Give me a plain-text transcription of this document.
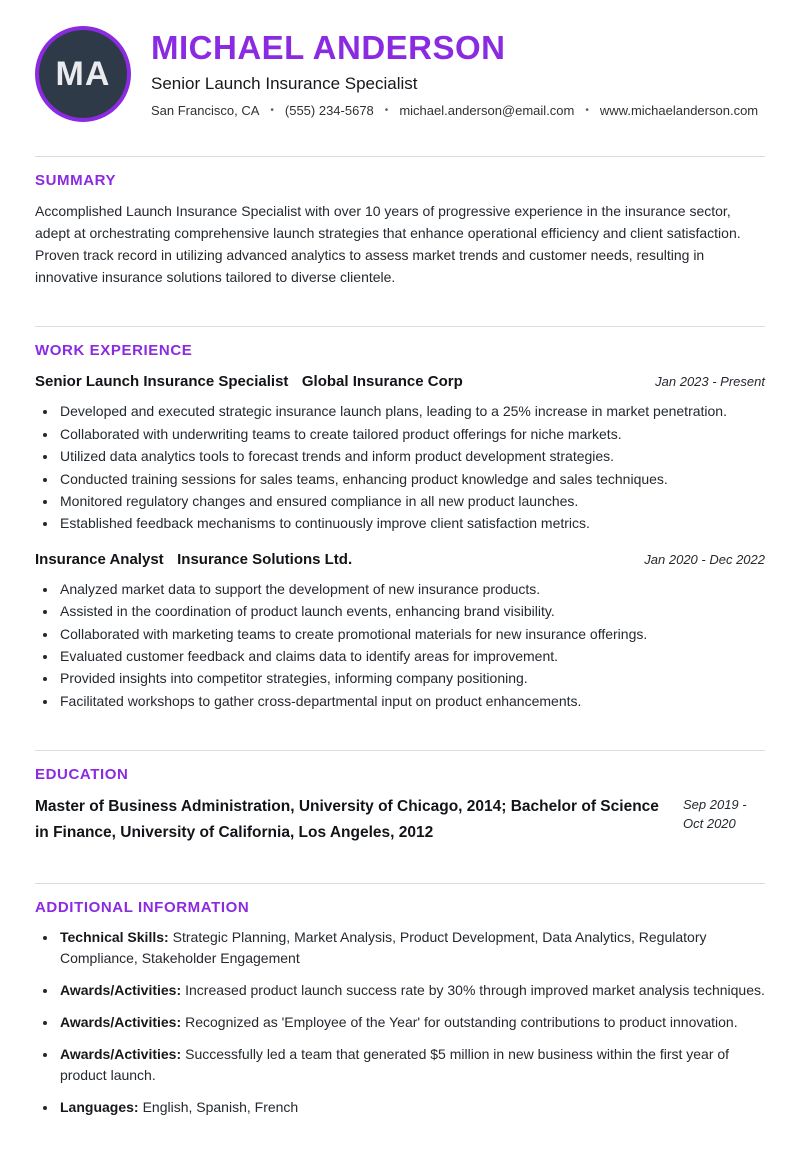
MA
MICHAEL ANDERSON
Senior Launch Insurance Specialist
San Francisco, CA • (555) 234-5678 • michael.anderson@email.com • www.michaelanderson.com
SUMMARY

Accomplished Launch Insurance Specialist with over 10 years of progressive experience in the insurance sector, adept at orchestrating comprehensive launch strategies that enhance operational efficiency and client satisfaction. Proven track record in utilizing advanced analytics to assess market trends and customer needs, resulting in innovative insurance solutions tailored to diverse clientele.

WORK EXPERIENCE
Senior Launch Insurance Specialist Global Insurance Corp	Jan 2023 - Present
• Developed and executed strategic insurance launch plans, leading to a 25% increase in market penetration.
• Collaborated with underwriting teams to create tailored product offerings for niche markets.
• Utilized data analytics tools to forecast trends and inform product development strategies.
• Conducted training sessions for sales teams, enhancing product knowledge and sales techniques.
• Monitored regulatory changes and ensured compliance in all new product launches.
• Established feedback mechanisms to continuously improve client satisfaction metrics.
Insurance Analyst Insurance Solutions Ltd.	Jan 2020 - Dec 2022
• Analyzed market data to support the development of new insurance products.
• Assisted in the coordination of product launch events, enhancing brand visibility.
• Collaborated with marketing teams to create promotional materials for new insurance offerings.
• Evaluated customer feedback and claims data to identify areas for improvement.
• Provided insights into competitor strategies, informing company positioning.
• Facilitated workshops to gather cross-departmental input on product enhancements.
EDUCATION
Master of Business Administration, University of Chicago, 2014; Bachelor of Science in Finance, University of California, Los Angeles, 2012
Sep 2019 - Oct 2020
ADDITIONAL INFORMATION
• Technical Skills: Strategic Planning, Market Analysis, Product Development, Data Analytics, Regulatory Compliance, Stakeholder Engagement
• Awards/Activities: Increased product launch success rate by 30% through improved market analysis techniques.
• Awards/Activities: Recognized as 'Employee of the Year' for outstanding contributions to product innovation.
• Awards/Activities: Successfully led a team that generated $5 million in new business within the first year of product launch.
• Languages: English, Spanish, French
